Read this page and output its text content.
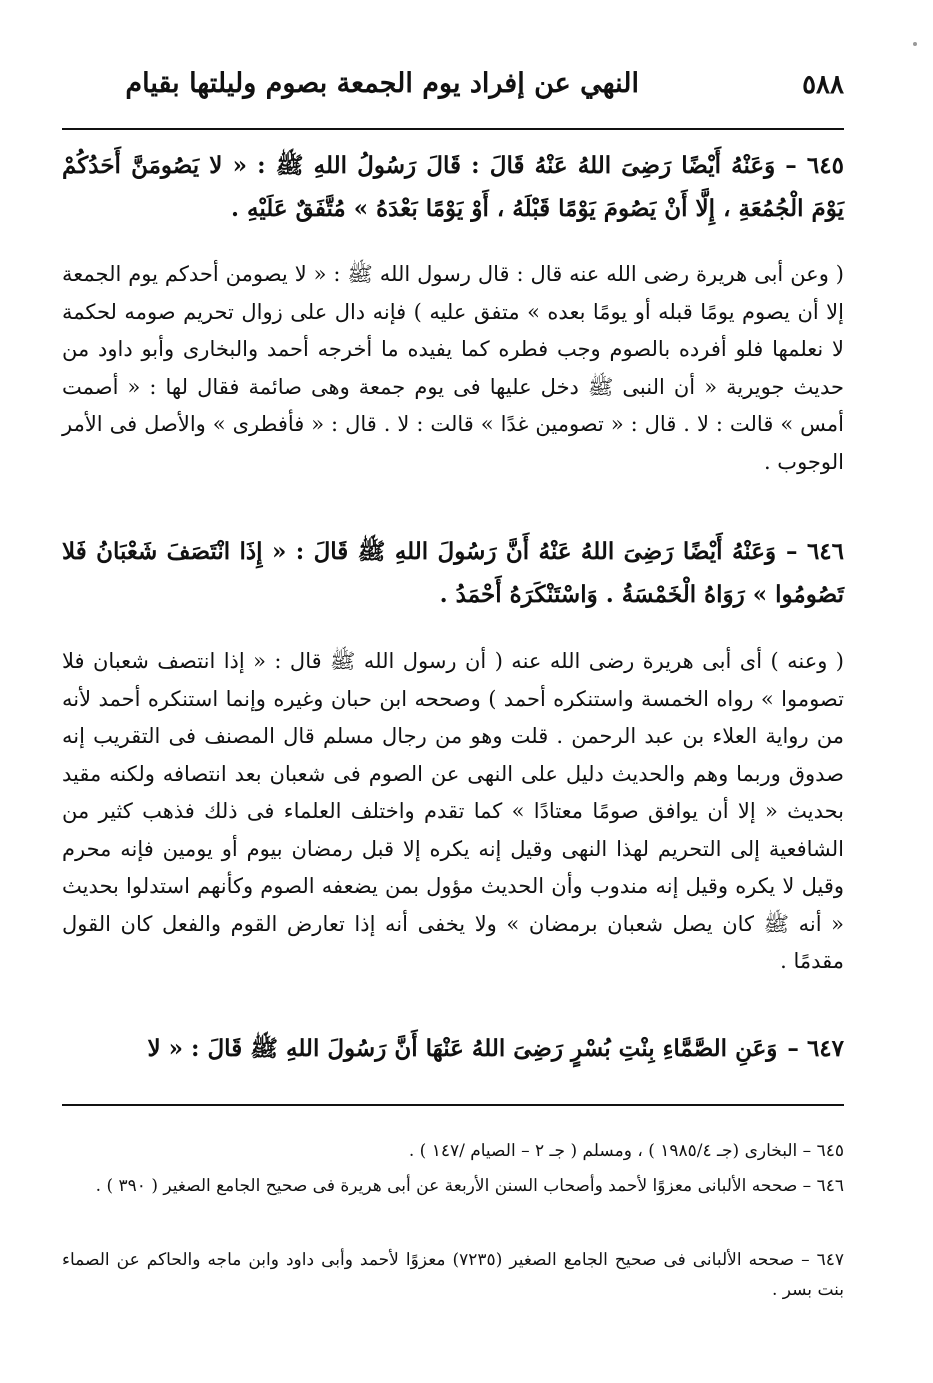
٥٨٨
النهي عن إفراد يوم الجمعة بصوم وليلتها بقيام
٦٤٥ –وَعَنْهُ أَيْضًا رَضِىَ اللهُ عَنْهُ قَالَ : قَالَ رَسُولُ اللهِ ﷺ : « لا يَصُومَنَّ أَحَدُكُمْ يَوْمَ الْجُمُعَةِ ، إِلَّا أَنْ يَصُومَ يَوْمًا قَبْلَهُ ، أَوْ يَوْمًا بَعْدَهُ » مُتَّفَقٌ عَلَيْهِ .
( وعن أبى هريرة رضى الله عنه قال : قال رسول الله ﷺ : « لا يصومن أحدكم يوم الجمعة إلا أن يصوم يومًا قبله أو يومًا بعده » متفق عليه ) فإنه دال على زوال تحريم صومه لحكمة لا نعلمها فلو أفرده بالصوم وجب فطره كما يفيده ما أخرجه أحمد والبخارى وأبو داود من حديث جويرية « أن النبى ﷺ دخل عليها فى يوم جمعة وهى صائمة فقال لها : « أصمت أمس » قالت : لا . قال : « تصومين غدًا » قالت : لا . قال : « فأفطرى » والأصل فى الأمر الوجوب .
٦٤٦ –وَعَنْهُ أَيْضًا رَضِىَ اللهُ عَنْهُ أَنَّ رَسُولَ اللهِ ﷺ قَالَ : « إِذَا انْتَصَفَ شَعْبَانُ فَلا تَصُومُوا » رَوَاهُ الْخَمْسَةُ . وَاسْتَنْكَرَهُ أَحْمَدُ .
( وعنه ) أى أبى هريرة رضى الله عنه ( أن رسول الله ﷺ قال : « إذا انتصف شعبان فلا تصوموا » رواه الخمسة واستنكره أحمد ) وصححه ابن حبان وغيره وإنما استنكره أحمد لأنه من رواية العلاء بن عبد الرحمن . قلت وهو من رجال مسلم قال المصنف فى التقريب إنه صدوق وربما وهم والحديث دليل على النهى عن الصوم فى شعبان بعد انتصافه ولكنه مقيد بحديث « إلا أن يوافق صومًا معتادًا » كما تقدم واختلف العلماء فى ذلك فذهب كثير من الشافعية إلى التحريم لهذا النهى وقيل إنه يكره إلا قبل رمضان بيوم أو يومين فإنه محرم وقيل لا يكره وقيل إنه مندوب وأن الحديث مؤول بمن يضعفه الصوم وكأنهم استدلوا بحديث « أنه ﷺ كان يصل شعبان برمضان » ولا يخفى أنه إذا تعارض القوم والفعل كان القول مقدمًا .
٦٤٧ –وَعَنِ الصَّمَّاءِ بِنْتِ بُسْرٍ رَضِىَ اللهُ عَنْهَا أَنَّ رَسُولَ اللهِ ﷺ قَالَ : « لا
٦٤٥ – البخارى (جـ ١٩٨٥/٤ ) ، ومسلم ( جـ ٢ – الصيام /١٤٧ ) .
٦٤٦ – صححه الألبانى معزوًا لأحمد وأصحاب السنن الأربعة عن أبى هريرة فى صحيح الجامع الصغير ( ٣٩٠ ) .
٦٤٧ – صححه الألبانى فى صحيح الجامع الصغير (٧٢٣٥) معزوًا لأحمد وأبى داود وابن ماجه والحاكم عن الصماء بنت بسر .
